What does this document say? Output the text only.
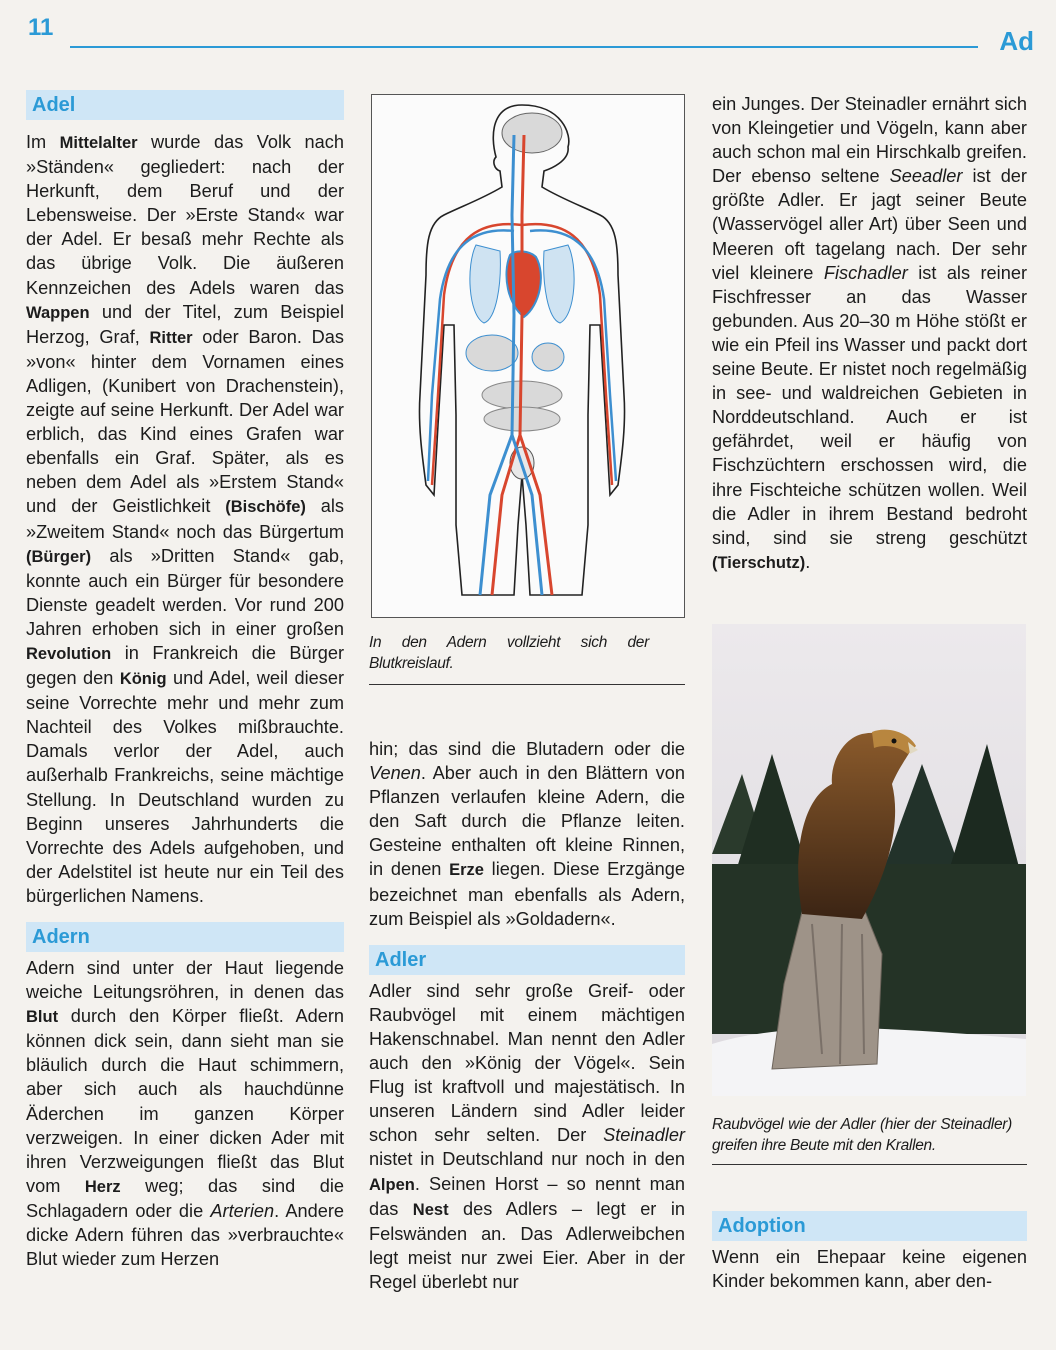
11	Ad
Adel

Im Mittelalter wurde das Volk nach »Ständen« gegliedert: nach der Herkunft, dem Beruf und der Lebensweise. Der »Erste Stand« war der Adel. Er besaß mehr Rechte als das übrige Volk. Die äußeren Kennzeichen des Adels waren das Wappen und der Titel, zum Beispiel Herzog, Graf, Ritter oder Baron. Das »von« hinter dem Vornamen eines Adligen, (Kunibert von Drachenstein), zeigte auf seine Herkunft. Der Adel war erblich, das Kind eines Grafen war ebenfalls ein Graf. Später, als es neben dem Adel als »Erstem Stand« und der Geistlichkeit (Bischöfe) als »Zweitem Stand« noch das Bürgertum (Bürger) als »Dritten Stand« gab, konnte auch ein Bürger für besondere Dienste geadelt werden. Vor rund 200 Jahren erhoben sich in einer großen Revolution in Frankreich die Bürger gegen den König und Adel, weil dieser seine Vorrechte mehr und mehr zum Nachteil des Volkes mißbrauchte. Damals verlor der Adel, auch außerhalb Frankreichs, seine mächtige Stellung. In Deutschland wurden zu Beginn unseres Jahrhunderts die Vorrechte des Adels aufgehoben, und der Adelstitel ist heute nur ein Teil des bürgerlichen Namens.

Adern

Adern sind unter der Haut liegende weiche Leitungsröhren, in denen das Blut durch den Körper fließt. Adern können dick sein, dann sieht man sie bläulich durch die Haut schimmern, aber sich auch als hauchdünne Äderchen im ganzen Körper verzweigen. In einer dicken Ader mit ihren Verzweigungen fließt das Blut vom Herz weg; das sind die Schlagadern oder die Arterien. Andere dicke Adern führen das »verbrauchte« Blut wieder zum Herzen

In den Adern vollzieht sich der Blutkreislauf.

hin; das sind die Blutadern oder die Venen. Aber auch in den Blättern von Pflanzen verlaufen kleine Adern, die den Saft durch die Pflanze leiten. Gesteine enthalten oft kleine Rinnen, in denen Erze liegen. Diese Erzgänge bezeichnet man ebenfalls als Adern, zum Beispiel als »Goldadern«.

Adler

Adler sind sehr große Greif- oder Raubvögel mit einem mächtigen Hakenschnabel. Man nennt den Adler auch den »König der Vögel«. Sein Flug ist kraftvoll und majestätisch. In unseren Ländern sind Adler leider schon sehr selten. Der Steinadler nistet in Deutschland nur noch in den Alpen. Seinen Horst – so nennt man das Nest des Adlers – legt er in Felswänden an. Das Adlerweibchen legt meist nur zwei Eier. Aber in der Regel überlebt nur

ein Junges. Der Steinadler ernährt sich von Kleingetier und Vögeln, kann aber auch schon mal ein Hirschkalb greifen. Der ebenso seltene Seeadler ist der größte Adler. Er jagt seiner Beute (Wasservögel aller Art) über Seen und Meeren oft tagelang nach. Der sehr viel kleinere Fischadler ist als reiner Fischfresser an das Wasser gebunden. Aus 20–30 m Höhe stößt er wie ein Pfeil ins Wasser und packt dort seine Beute. Er nistet noch regelmäßig in see- und waldreichen Gebieten in Norddeutschland. Auch er ist gefährdet, weil er häufig von Fischzüchtern erschossen wird, die ihre Fischteiche schützen wollen. Weil die Adler in ihrem Bestand bedroht sind, sind sie streng geschützt (Tierschutz).

Raubvögel wie der Adler (hier der Steinadler) greifen ihre Beute mit den Krallen.
Adoption

Wenn ein Ehepaar keine eigenen Kinder bekommen kann, aber den-
